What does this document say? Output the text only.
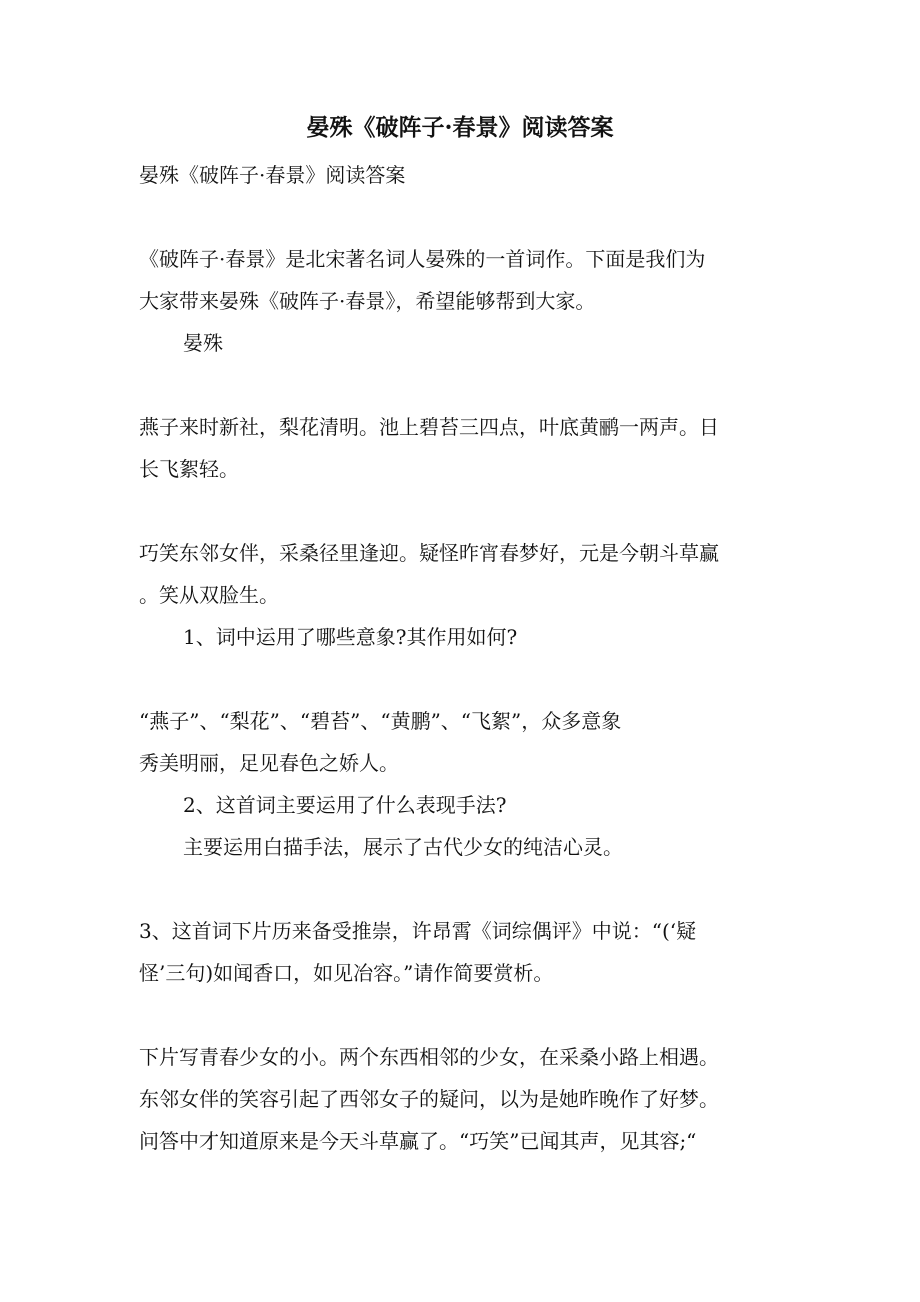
晏殊《破阵子·春景》阅读答案
晏殊《破阵子·春景》阅读答案
《破阵子·春景》是北宋著名词人晏殊的一首词作。下面是我们为
大家带来晏殊《破阵子·春景》，希望能够帮到大家。
晏殊
燕子来时新社，梨花清明。池上碧苔三四点，叶底黄鹂一两声。日
长飞絮轻。
巧笑东邻女伴，采桑径里逢迎。疑怪昨宵春梦好，元是今朝斗草赢
。笑从双脸生。
1、词中运用了哪些意象?其作用如何?
“燕子”、“梨花”、“碧苔”、“黄鹏”、“飞絮”，众多意象
秀美明丽，足见春色之娇人。
2、这首词主要运用了什么表现手法?
主要运用白描手法，展示了古代少女的纯洁心灵。
3、这首词下片历来备受推崇，许昂霄《词综偶评》中说：“(‘疑
怪’三句)如闻香口，如见冶容。”请作简要赏析。
下片写青春少女的小。两个东西相邻的少女，在采桑小路上相遇。
东邻女伴的笑容引起了西邻女子的疑问，以为是她昨晚作了好梦。
问答中才知道原来是今天斗草赢了。“巧笑”已闻其声，见其容;“
